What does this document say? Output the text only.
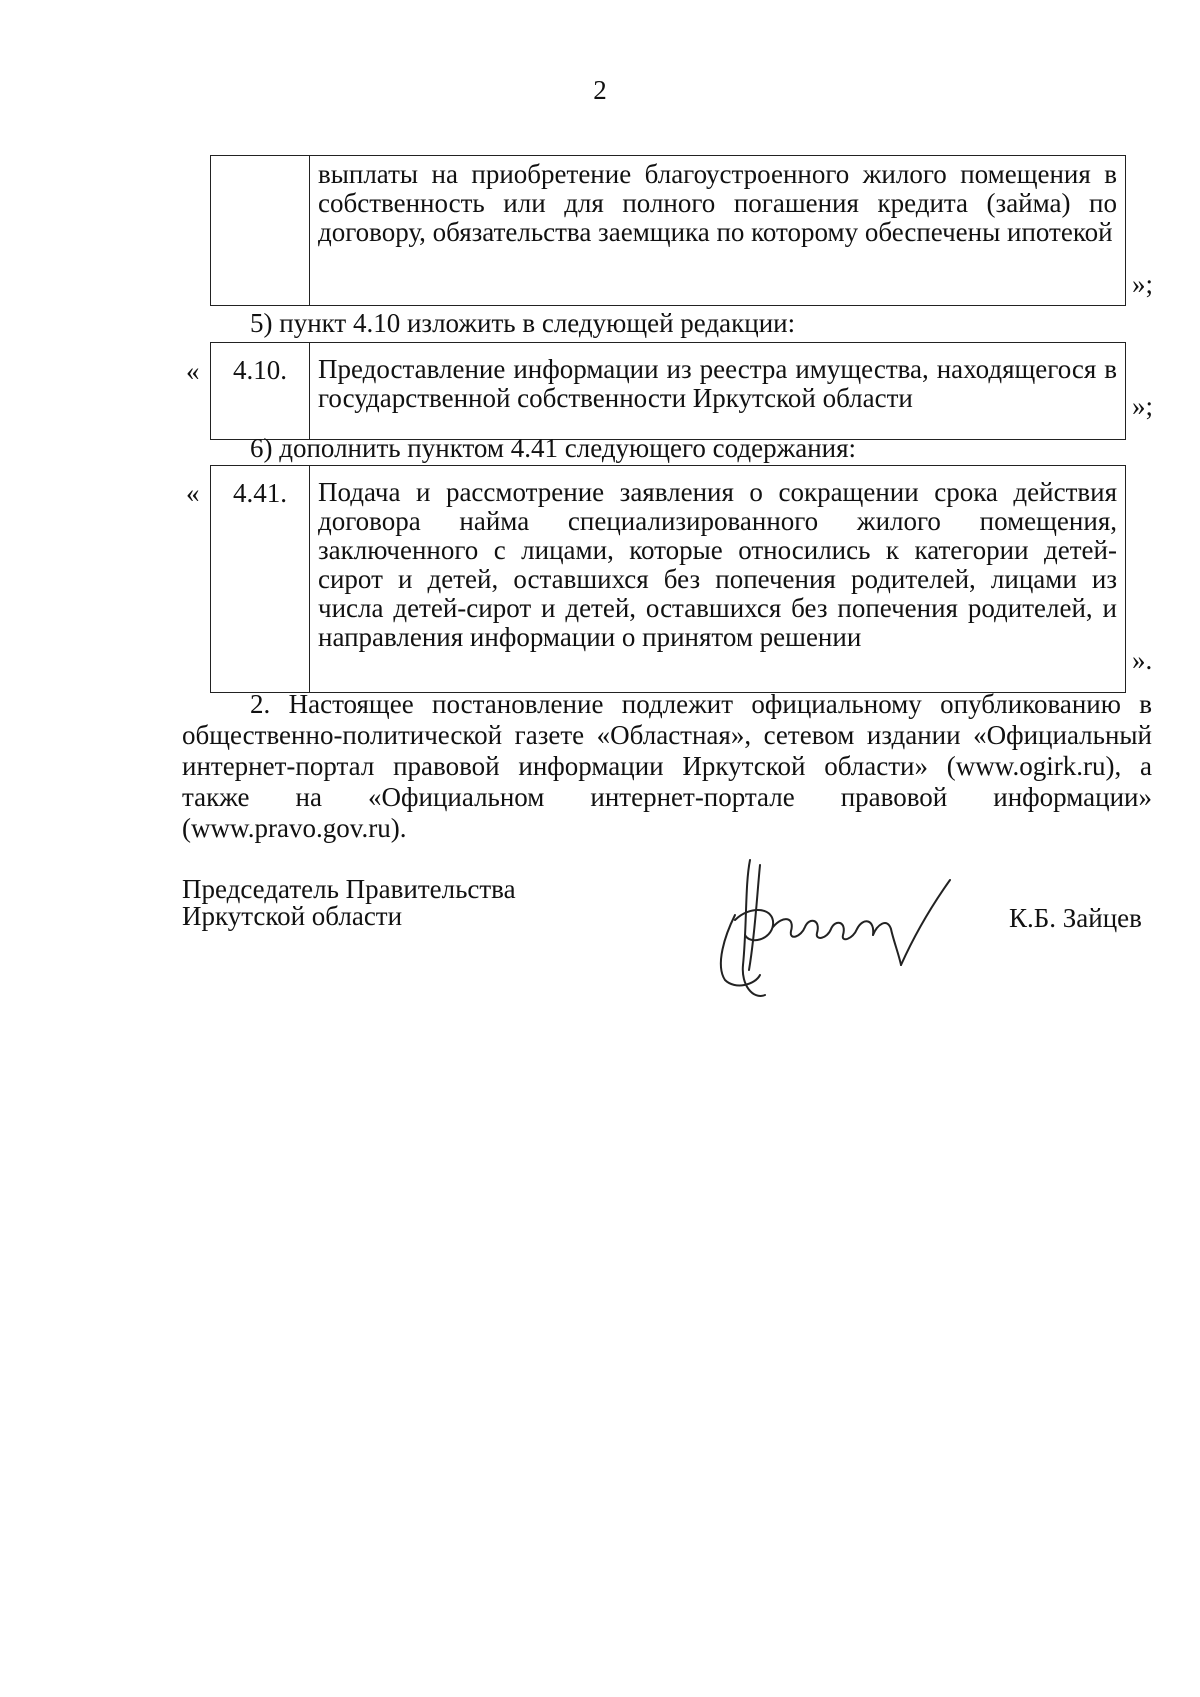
2

выплаты на приобретение благоустроенного жилого помещения в собственность или для полного погашения кредита (займа) по договору, обязательства заемщика по которому обеспечены ипотекой
»;
5) пункт 4.10 изложить в следующей редакции:
« 4.10.	Предоставление информации из реестра имущества, находящегося в государственной собственности Иркутской области	»;
6) дополнить пунктом 4.41 следующего содержания:
« 4.41.	Подача и рассмотрение заявления о сокращении срока действия договора найма специализированного жилого помещения, заключенного с лицами, которые относились к категории детей-сирот и детей, оставшихся без попечения родителей, лицами из числа детей-сирот и детей, оставшихся без попечения родителей, и направления информации о принятом решении
».
2. Настоящее постановление подлежит официальному опубликованию в общественно-политической газете «Областная», сетевом издании «Официальный интернет-портал правовой информации Иркутской области» (www.ogirk.ru), а также на «Официальном интернет-портале правовой информации» (www.pravo.gov.ru).
Председатель Правительства
Иркутской области	К.Б. Зайцев
